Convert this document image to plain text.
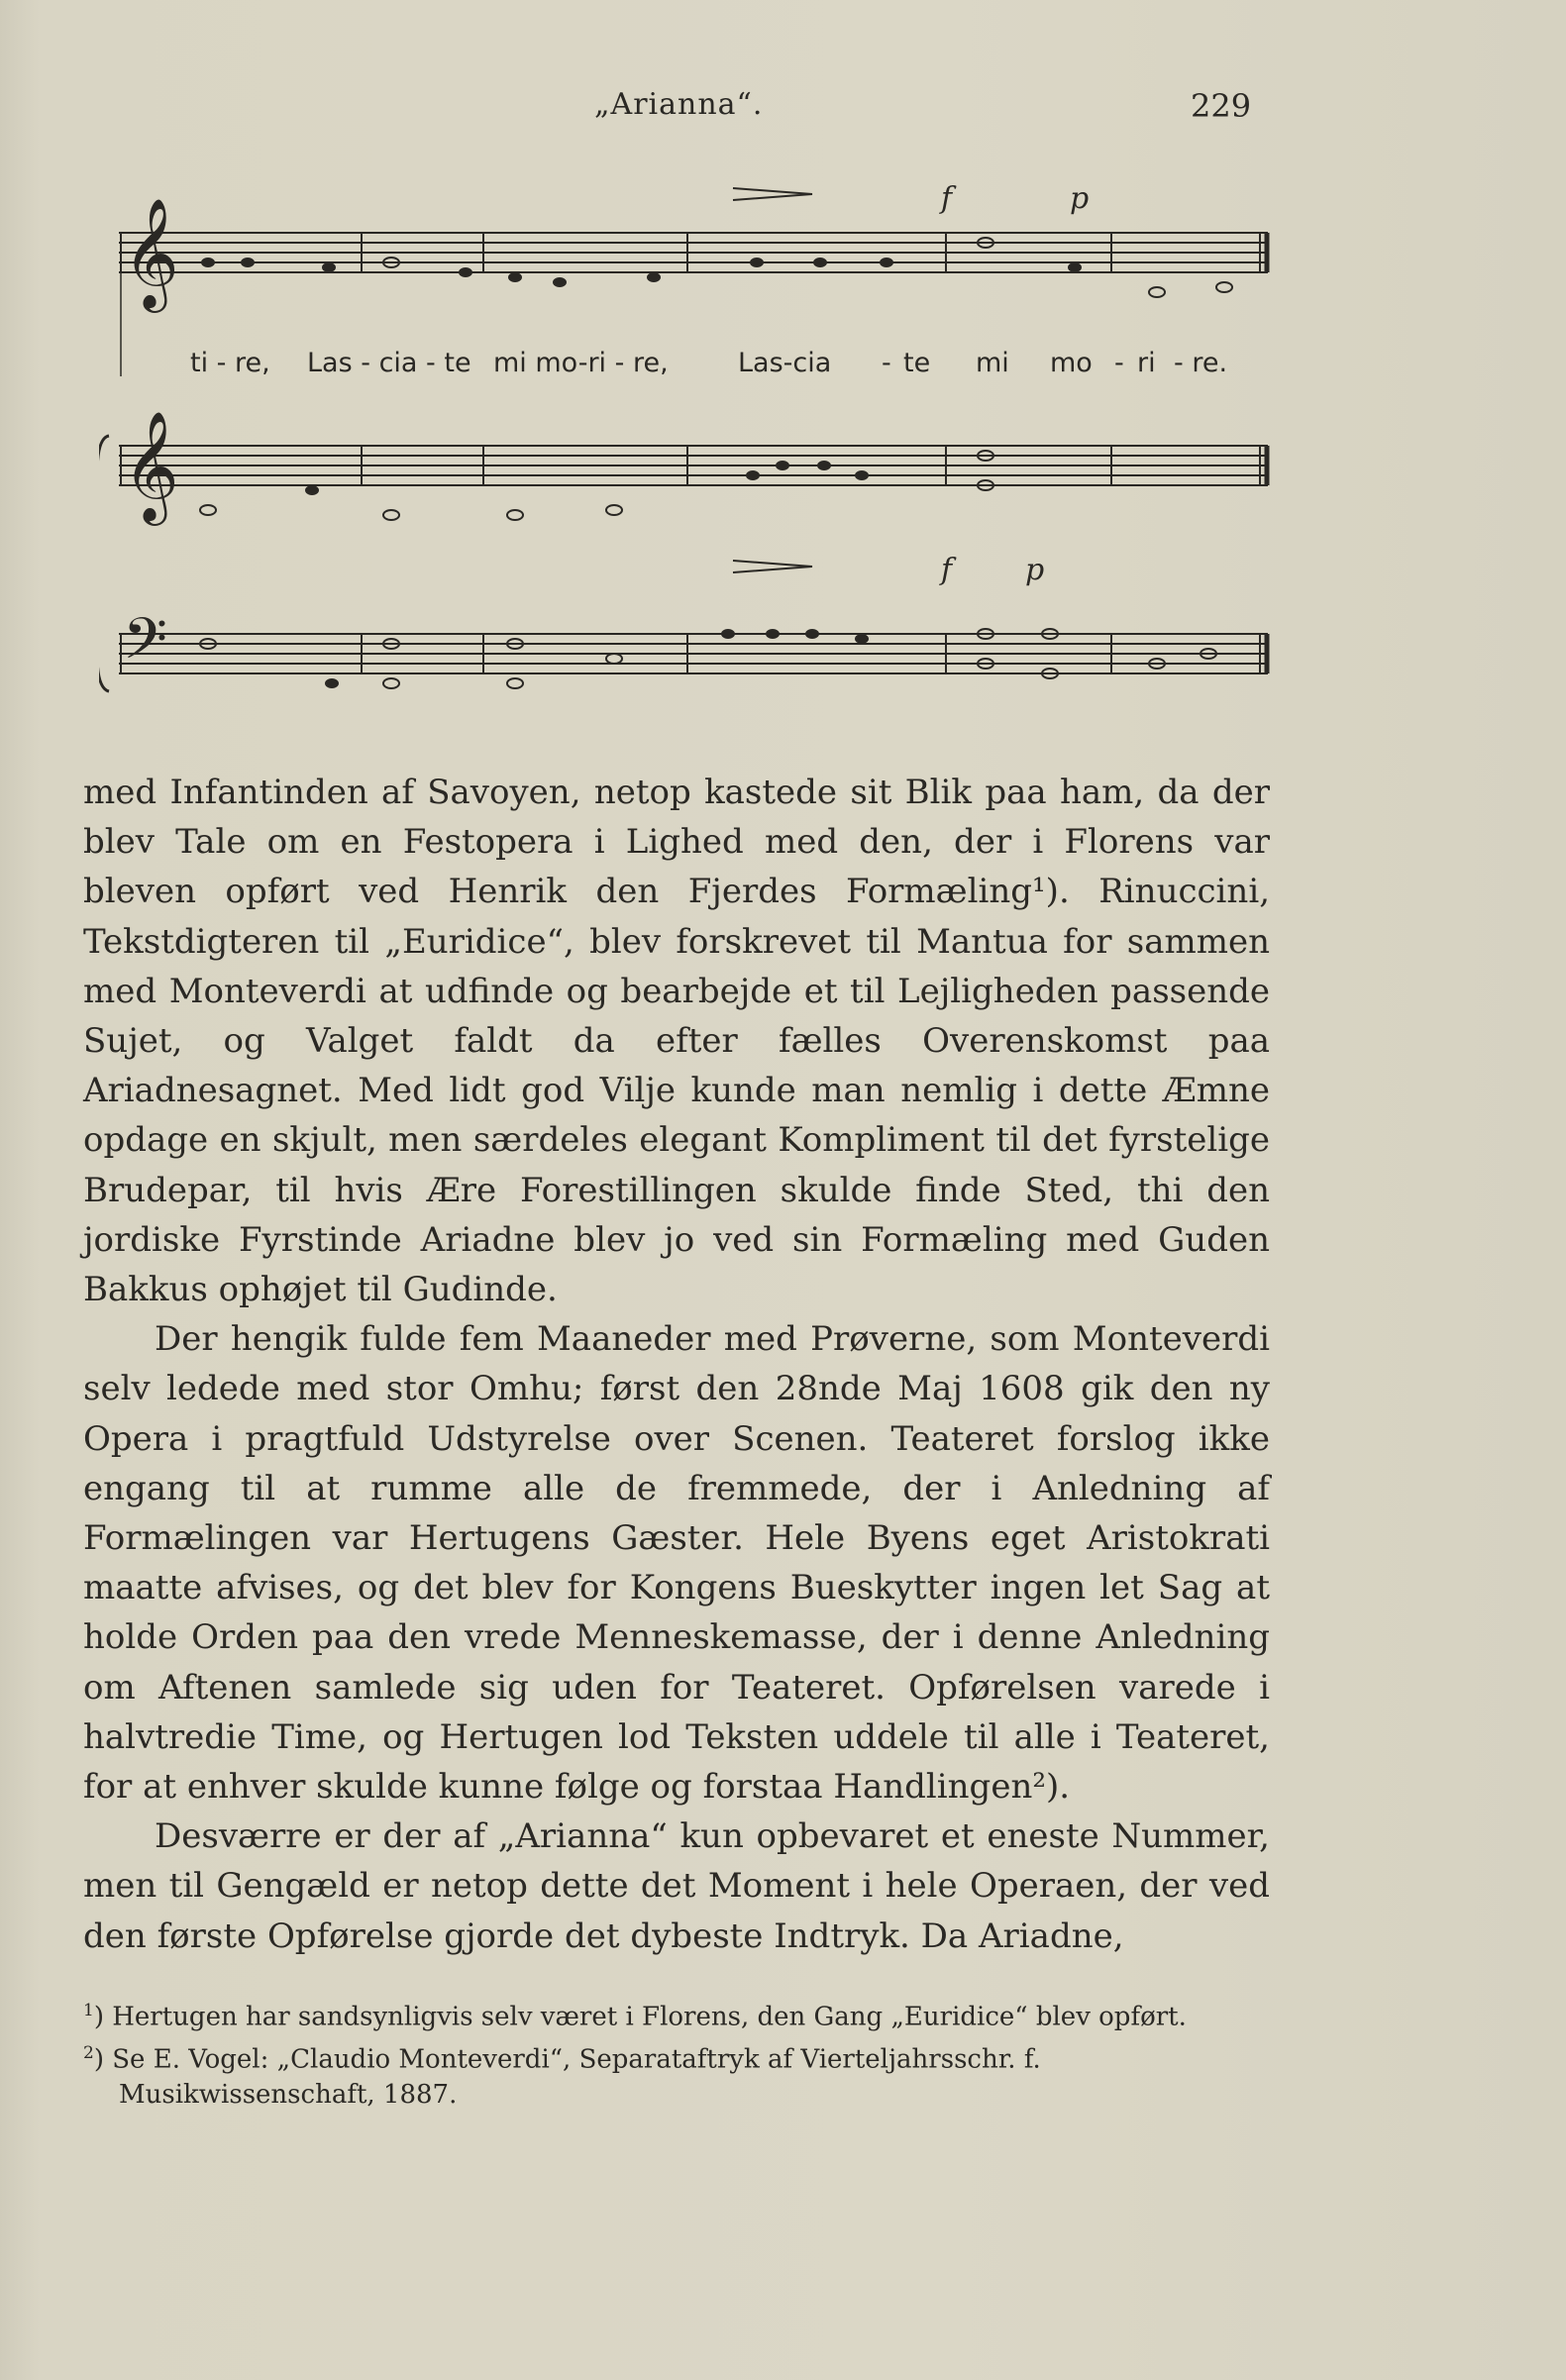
„Arianna“.	229
𝄞
𝄞
𝄢
f	p
f p
ti - re, Las - cia - te mi mo-ri - re,	Las-cia - te mi mo - ri - re.

med Infantinden af Savoyen, netop kastede sit Blik paa ham, da der blev Tale om en Festopera i Lighed med den, der i Florens var bleven opført ved Henrik den Fjerdes Formæling¹). Rinuccini, Tekstdigteren til „Euridice“, blev forskrevet til Mantua for sammen med Monteverdi at udfinde og bearbejde et til Lejligheden passende Sujet, og Valget faldt da efter fælles Overenskomst paa Ariadnesagnet. Med lidt god Vilje kunde man nemlig i dette Æmne opdage en skjult, men særdeles elegant Kompliment til det fyrstelige Brudepar, til hvis Ære Forestillingen skulde finde Sted, thi den jordiske Fyrstinde Ariadne blev jo ved sin Formæling med Guden Bakkus ophøjet til Gudinde.

Der hengik fulde fem Maaneder med Prøverne, som Monteverdi selv ledede med stor Omhu; først den 28nde Maj 1608 gik den ny Opera i pragtfuld Udstyrelse over Scenen. Teateret forslog ikke engang til at rumme alle de fremmede, der i Anledning af Formælingen var Hertugens Gæster. Hele Byens eget Aristokrati maatte afvises, og det blev for Kongens Bueskytter ingen let Sag at holde Orden paa den vrede Menneskemasse, der i denne Anledning om Aftenen samlede sig uden for Teateret. Opførelsen varede i halvtredie Time, og Hertugen lod Teksten uddele til alle i Teateret, for at enhver skulde kunne følge og forstaa Handlingen²).

Desværre er der af „Arianna“ kun opbevaret et eneste Nummer, men til Gengæld er netop dette det Moment i hele Operaen, der ved den første Opførelse gjorde det dybeste Indtryk. Da Ariadne,

$^1$) Hertugen har sandsynligvis selv været i Florens, den Gang „Euridice“ blev opført.

$^2$) Se E. Vogel: „Claudio Monteverdi“, Separataftryk af Vierteljahrsschr. f. Musikwissenschaft, 1887.
